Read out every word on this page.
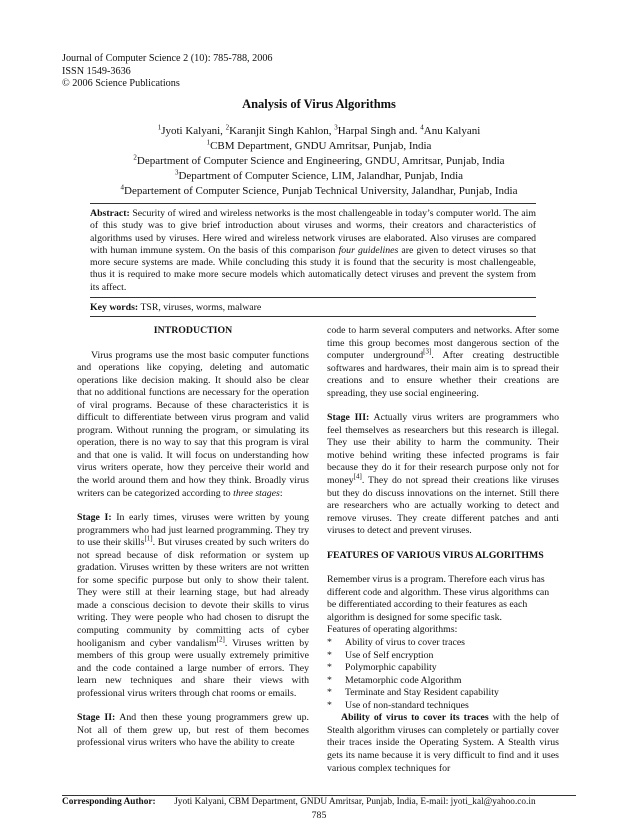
Journal of Computer Science 2 (10): 785-788, 2006
ISSN 1549-3636
© 2006 Science Publications
Analysis of Virus Algorithms
$^1$Jyoti Kalyani, $^2$Karanjit Singh Kahlon, $^3$Harpal Singh and. $^4$Anu Kalyani
$^1$CBM Department, GNDU Amritsar, Punjab, India
$^2$Department of Computer Science and Engineering, GNDU, Amritsar, Punjab, India
$^3$Department of Computer Science, LIM, Jalandhar, Punjab, India
$^4$Departement of Computer Science, Punjab Technical University, Jalandhar, Punjab, India
Abstract: Security of wired and wireless networks is the most challengeable in today’s computer world. The aim of this study was to give brief introduction about viruses and worms, their creators and characteristics of algorithms used by viruses. Here wired and wireless network viruses are elaborated. Also viruses are compared with human immune system. On the basis of this comparison four guidelines are given to detect viruses so that more secure systems are made. While concluding this study it is found that the security is most challengeable, thus it is required to make more secure models which automatically detect viruses and prevent the system from its affect.
Key words: TSR, viruses, worms, malware

INTRODUCTION

Virus programs use the most basic computer functions and operations like copying, deleting and automatic operations like decision making. It should also be clear that no additional functions are necessary for the operation of viral programs. Because of these characteristics it is difficult to differentiate between virus program and valid program. Without running the program, or simulating its operation, there is no way to say that this program is viral and that one is valid. It will focus on understanding how virus writers operate, how they perceive their world and the world around them and how they think. Broadly virus writers can be categorized according to three stages:

Stage I: In early times, viruses were written by young programmers who had just learned programming. They try to use their skills[1]. But viruses created by such writers do not spread because of disk reformation or system up gradation. Viruses written by these writers are not written for some specific purpose but only to show their talent. They were still at their learning stage, but had already made a conscious decision to devote their skills to virus writing. They were people who had chosen to disrupt the computing community by committing acts of cyber hooliganism and cyber vandalism[2]. Viruses written by members of this group were usually extremely primitive and the code contained a large number of errors. They learn new techniques and share their views with professional virus writers through chat rooms or emails.

Stage II: And then these young programmers grew up. Not all of them grew up, but rest of them becomes professional virus writers who have the ability to create

code to harm several computers and networks. After some time this group becomes most dangerous section of the computer underground[3]. After creating destructible softwares and hardwares, their main aim is to spread their creations and to ensure whether their creations are spreading, they use social engineering.

Stage III: Actually virus writers are programmers who feel themselves as researchers but this research is illegal. They use their ability to harm the community. Their motive behind writing these infected programs is fair because they do it for their research purpose only not for money[4]. They do not spread their creations like viruses but they do discuss innovations on the internet. Still there are researchers who are actually working to detect and remove viruses. They create different patches and anti viruses to detect and prevent viruses.

FEATURES OF VARIOUS VIRUS ALGORITHMS

Remember virus is a program. Therefore each virus has different code and algorithm. These virus algorithms can be differentiated according to their features as each algorithm is designed for some specific task.

Features of operating algorithms:

*	Ability of virus to cover traces
*	Use of Self encryption
*	Polymorphic capability
*	Metamorphic code Algorithm
*	Terminate and Stay Resident capability
*	Use of non-standard techniques

Ability of virus to cover its traces with the help of Stealth algorithm viruses can completely or partially cover their traces inside the Operating System. A Stealth virus gets its name because it is very difficult to find and it uses various complex techniques for

Corresponding Author: Jyoti Kalyani, CBM Department, GNDU Amritsar, Punjab, India, E-mail: jyoti_kal@yahoo.co.in
785
